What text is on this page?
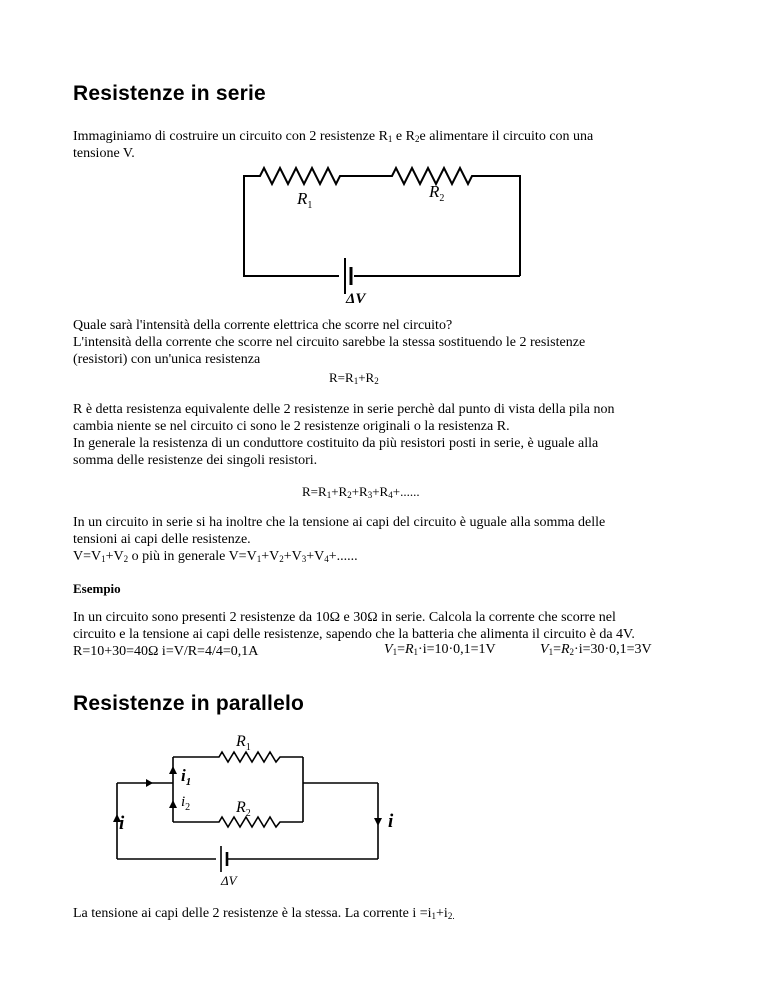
Resistenze in serie

Immaginiamo di costruire un circuito con 2 resistenze $R_1$ e $R_2e$ alimentare il circuito con una

tensione V.

$R_1$
$R_2$
ΔV

Quale sarà l'intensità della corrente elettrica che scorre nel circuito?

L'intensità della corrente che scorre nel circuito sarebbe la stessa sostituendo le 2 resistenze

(resistori) con un'unica resistenza

$R=R_1+R_2$

R è detta resistenza equivalente delle 2 resistenze in serie perchè dal punto di vista della pila non

cambia niente se nel circuito ci sono le 2 resistenze originali o la resistenza R.

In generale la resistenza di un conduttore costituito da più resistori posti in serie, è uguale alla

somma delle resistenze dei singoli resistori.

$R=R_1+R_2+R_3+R_4+$......

In un circuito in serie si ha inoltre che la tensione ai capi del circuito è uguale alla somma delle

tensioni ai capi delle resistenze.

$V=V_1+V_2$ o più in generale $V=V_1+V_2+V_3+V_4+$......

Esempio

In un circuito sono presenti 2 resistenze da 10Ω e 30Ω in serie. Calcola la corrente che scorre nel

circuito e la tensione ai capi delle resistenze, sapendo che la batteria che alimenta il circuito è da 4V.

R=10+30=40Ω i=V/R=4/4=0,1A	$V_1=R_1\cdot i=10\cdot 0,1=1V$	$V_1=R_2\cdot i=30\cdot 0,1=3V$

Resistenze in parallelo
$R_1$
$R_2$
$i_1$
$i_2$
i	i
ΔV

La tensione ai capi delle 2 resistenze è la stessa. La corrente $i =i_1+i_{2.}$
